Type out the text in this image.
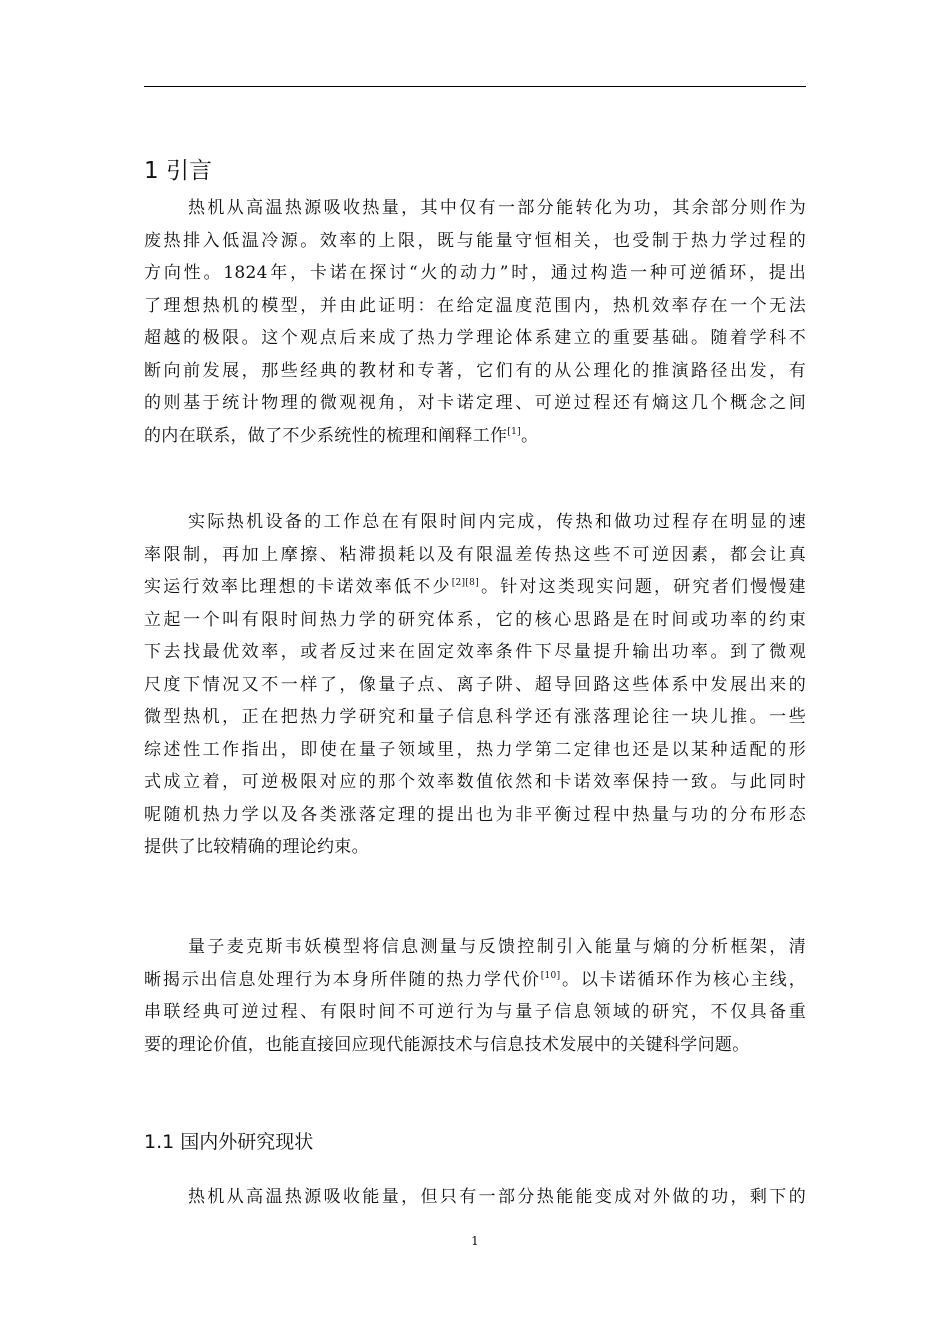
1 引言
热机从高温热源吸收热量，其中仅有一部分能转化为功，其余部分则作为
废热排入低温冷源。效率的上限，既与能量守恒相关，也受制于热力学过程的
方向性。1824年，卡诺在探讨“火的动力”时，通过构造一种可逆循环，提出
了理想热机的模型，并由此证明：在给定温度范围内，热机效率存在一个无法
超越的极限。这个观点后来成了热力学理论体系建立的重要基础。随着学科不
断向前发展，那些经典的教材和专著，它们有的从公理化的推演路径出发，有
的则基于统计物理的微观视角，对卡诺定理、可逆过程还有熵这几个概念之间
的内在联系，做了不少系统性的梳理和阐释工作[1]。
实际热机设备的工作总在有限时间内完成，传热和做功过程存在明显的速
率限制，再加上摩擦、粘滞损耗以及有限温差传热这些不可逆因素，都会让真
实运行效率比理想的卡诺效率低不少[2][8]。针对这类现实问题，研究者们慢慢建
立起一个叫有限时间热力学的研究体系，它的核心思路是在时间或功率的约束
下去找最优效率，或者反过来在固定效率条件下尽量提升输出功率。到了微观
尺度下情况又不一样了，像量子点、离子阱、超导回路这些体系中发展出来的
微型热机，正在把热力学研究和量子信息科学还有涨落理论往一块儿推。一些
综述性工作指出，即使在量子领域里，热力学第二定律也还是以某种适配的形
式成立着，可逆极限对应的那个效率数值依然和卡诺效率保持一致。与此同时
呢随机热力学以及各类涨落定理的提出也为非平衡过程中热量与功的分布形态
提供了比较精确的理论约束。
量子麦克斯韦妖模型将信息测量与反馈控制引入能量与熵的分析框架，清
晰揭示出信息处理行为本身所伴随的热力学代价[10]。以卡诺循环作为核心主线，
串联经典可逆过程、有限时间不可逆行为与量子信息领域的研究，不仅具备重
要的理论价值，也能直接回应现代能源技术与信息技术发展中的关键科学问题。
1.1 国内外研究现状
热机从高温热源吸收能量，但只有一部分热能能变成对外做的功，剩下的
1
